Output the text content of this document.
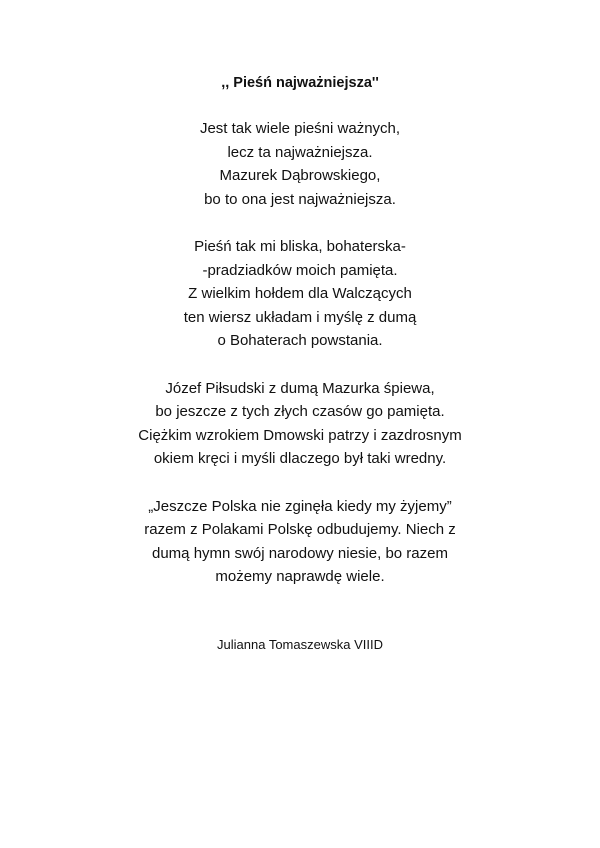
,, Pieśń najważniejsza''
Jest tak wiele pieśni ważnych,
lecz ta najważniejsza.
Mazurek Dąbrowskiego,
bo to ona jest najważniejsza.
Pieśń tak mi bliska, bohaterska-
-pradziadków moich pamięta.
Z wielkim hołdem dla Walczących
ten wiersz układam i myślę z dumą
o Bohaterach powstania.
Józef Piłsudski z dumą Mazurka śpiewa,
bo jeszcze z tych złych czasów go pamięta.
Ciężkim wzrokiem Dmowski patrzy i zazdrosnym
okiem kręci i myśli dlaczego był taki wredny.
„Jeszcze Polska nie zginęła kiedy my żyjemy”
razem z Polakami Polskę odbudujemy. Niech z
dumą hymn swój narodowy niesie, bo razem
możemy naprawdę wiele.
Julianna Tomaszewska VIIID
